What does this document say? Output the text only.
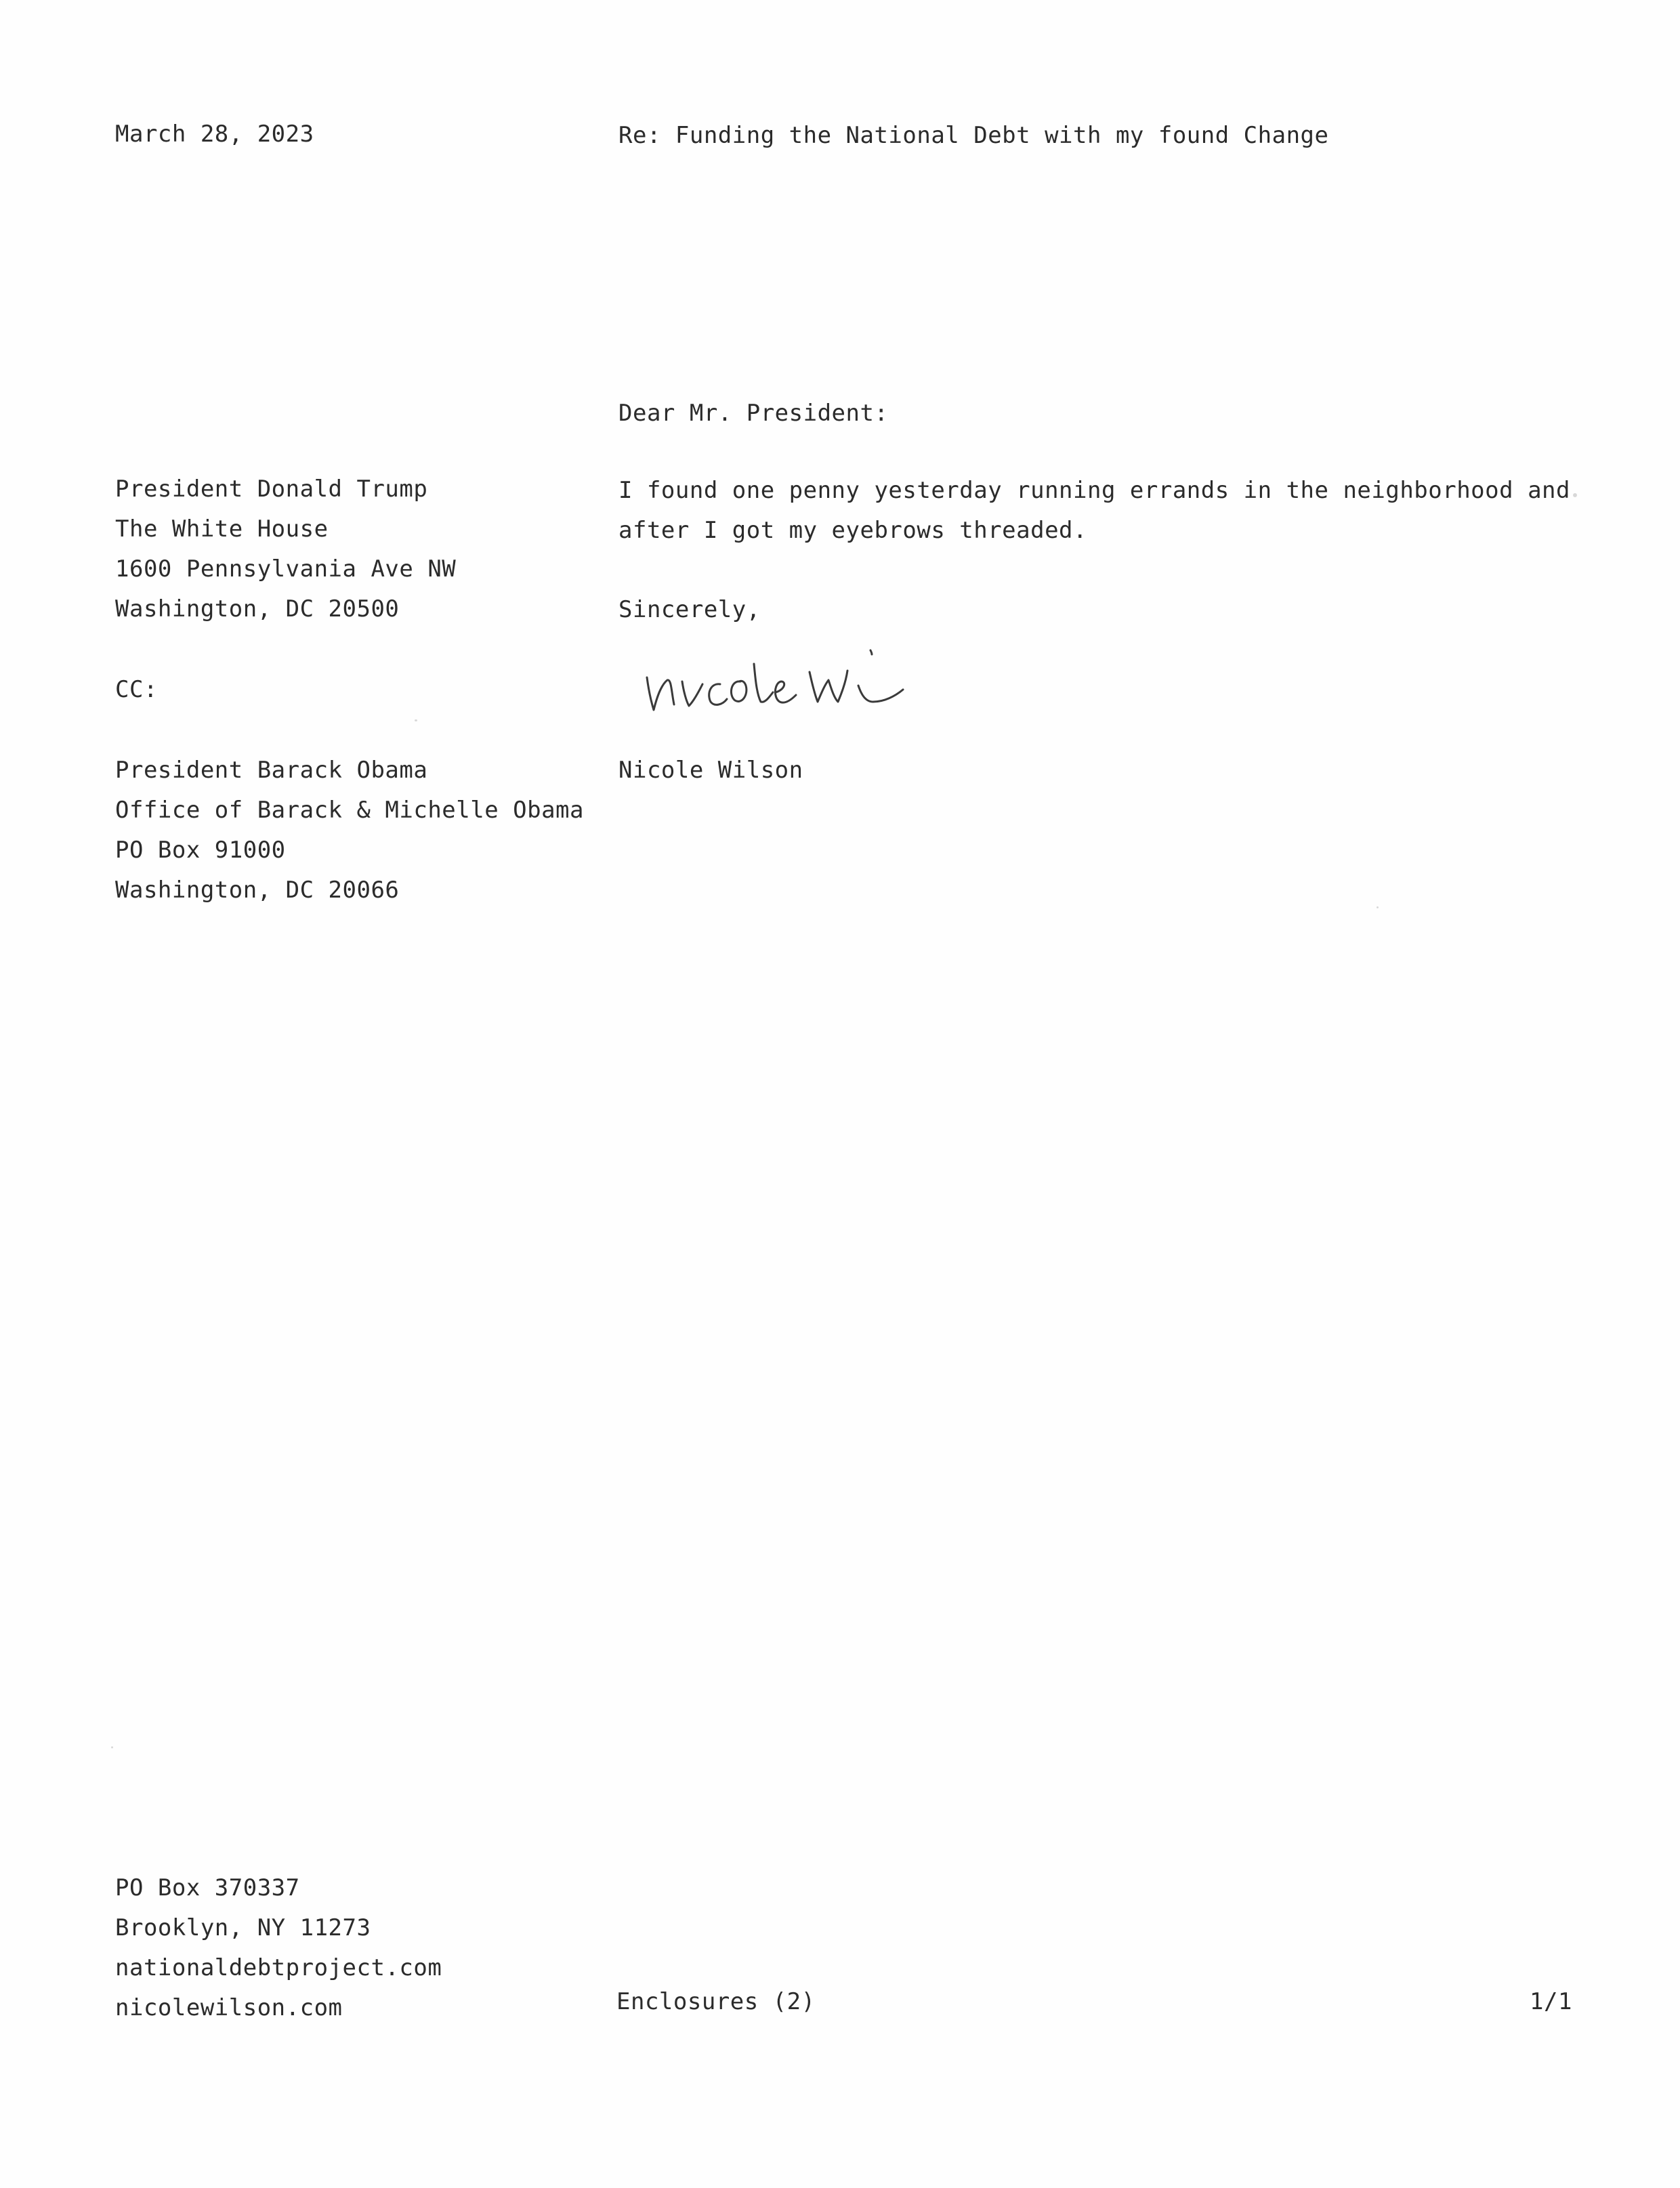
March 28, 2023	Re: Funding the National Debt with my found Change
Dear Mr. President:
President Donald Trump
The White House
1600 Pennsylvania Ave NW
Washington, DC 20500
I found one penny yesterday running errands in the neighborhood and
after I got my eyebrows threaded.
Sincerely,
CC:
Nicole Wilson
President Barack Obama
Office of Barack & Michelle Obama
PO Box 91000
Washington, DC 20066
PO Box 370337
Brooklyn, NY 11273
nationaldebtproject.com
nicolewilson.com	Enclosures (2)	1/1
